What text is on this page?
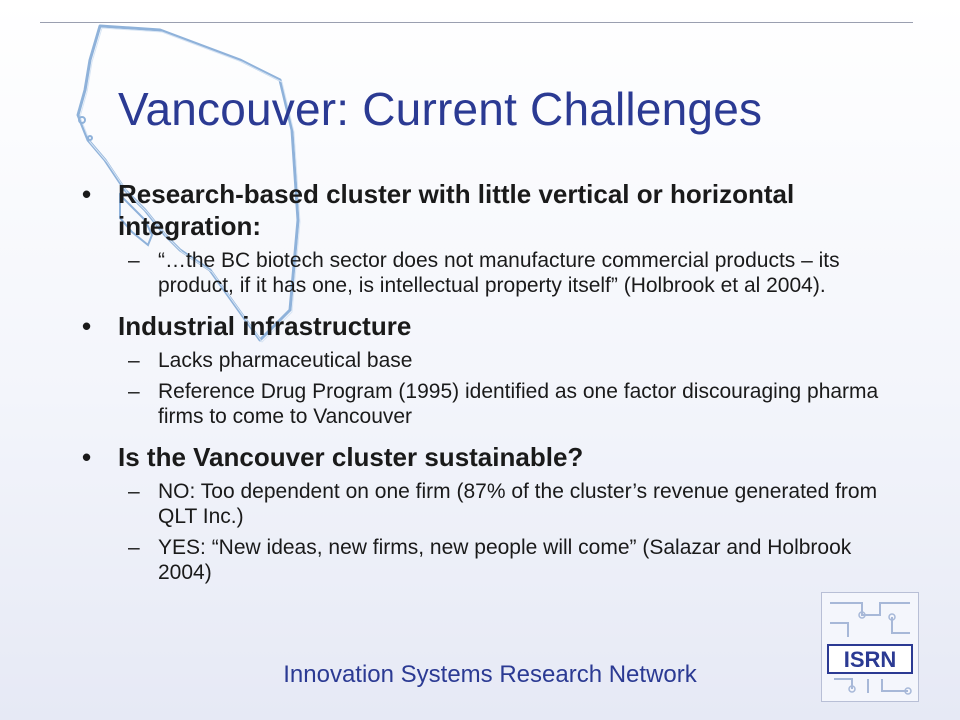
Vancouver: Current Challenges
• Research-based cluster with little vertical or horizontal integration:
– “…the BC biotech sector does not manufacture commercial products – its product, if it has one, is intellectual property itself” (Holbrook et al 2004).
• Industrial infrastructure
– Lacks pharmaceutical base
– Reference Drug Program (1995) identified as one factor discouraging pharma firms to come to Vancouver
• Is the Vancouver cluster sustainable?
– NO: Too dependent on one firm (87% of the cluster’s revenue generated from QLT Inc.)
– YES: “New ideas, new firms, new people will come” (Salazar and Holbrook 2004)
Innovation Systems Research Network
ISRN
